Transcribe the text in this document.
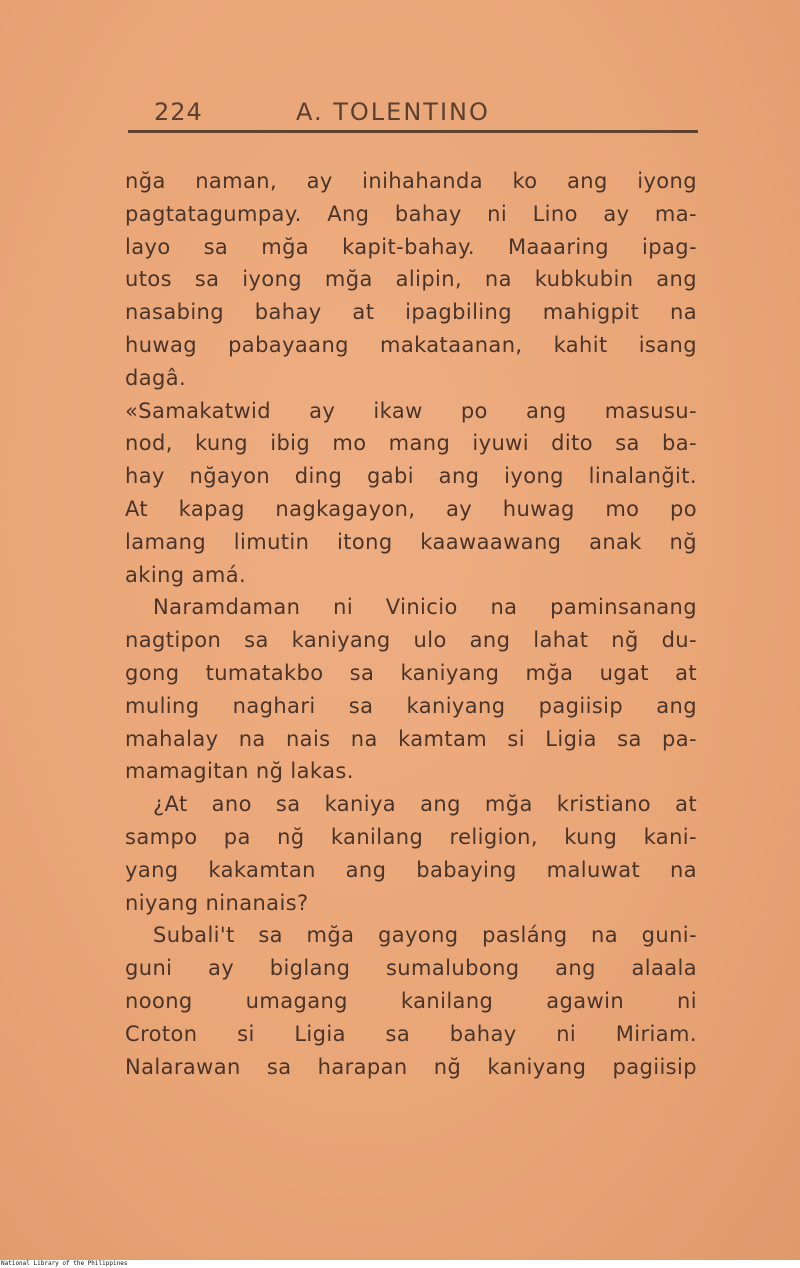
224	A. TOLENTINO
nğa naman, ay inihahanda ko ang iyong
pagtatagumpay. Ang bahay ni Lino ay ma-
layo sa mğa kapit-bahay. Maaaring ipag-
utos sa iyong mğa alipin, na kubkubin ang
nasabing bahay at ipagbiling mahigpit na
huwag pabayaang makataanan, kahit isang
dagâ.
«Samakatwid ay ikaw po ang masusu-
nod, kung ibig mo mang iyuwi dito sa ba-
hay nğayon ding gabi ang iyong linalanğit.
At kapag nagkagayon, ay huwag mo po
lamang limutin itong kaawaawang anak nğ
aking amá.
Naramdaman ni Vinicio na paminsanang
nagtipon sa kaniyang ulo ang lahat nğ du-
gong tumatakbo sa kaniyang mğa ugat at
muling naghari sa kaniyang pagiisip ang
mahalay na nais na kamtam si Ligia sa pa-
mamagitan nğ lakas.
¿At ano sa kaniya ang mğa kristiano at
sampo pa nğ kanilang religion, kung kani-
yang kakamtan ang babaying maluwat na
niyang ninanais?
Subali't sa mğa gayong pasláng na guni-
guni ay biglang sumalubong ang alaala
noong umagang kanilang agawin ni
Croton si Ligia sa bahay ni Miriam.
Nalarawan sa harapan nğ kaniyang pagiisip
National Library of the Philippines
